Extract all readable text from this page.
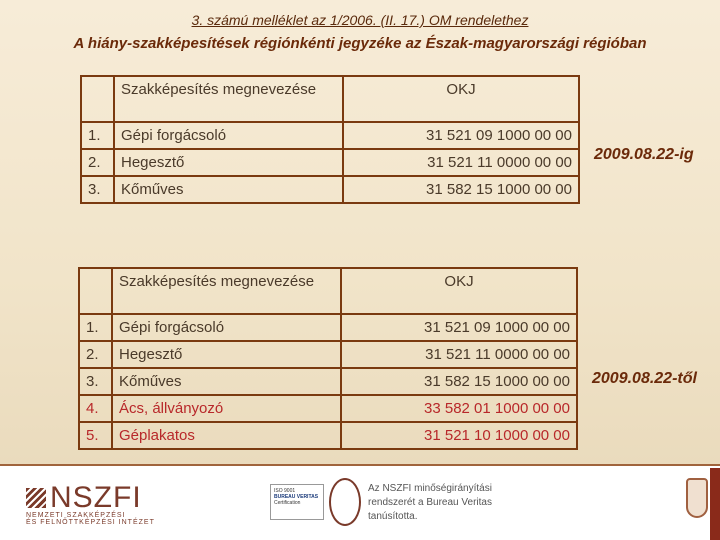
3. számú melléklet az 1/2006. (II. 17.) OM rendelethez
A hiány-szakképesítések régiónkénti jegyzéke az Észak-magyarországi régióban
	Szakképesítés megnevezése	OKJ
1.	Gépi forgácsoló	31 521 09 1000 00 00
2.	Hegesztő	31 521 11 0000 00 00
3.	Kőműves	31 582 15 1000 00 00
2009.08.22-ig
	Szakképesítés megnevezése	OKJ
1.	Gépi forgácsoló	31 521 09 1000 00 00
2.	Hegesztő	31 521 11 0000 00 00
3.	Kőműves	31 582 15 1000 00 00
4.	Ács, állványozó	33 582 01 1000 00 00
5.	Géplakatos	31 521 10 1000 00 00
2009.08.22-től
NSZFI
NEMZETI SZAKKÉPZÉSI
ÉS FELNŐTTKÉPZÉSI INTÉZET
ISO 9001
BUREAU VERITAS
Certification
Az NSZFI minőségirányítási
rendszerét a Bureau Veritas
tanúsította.
